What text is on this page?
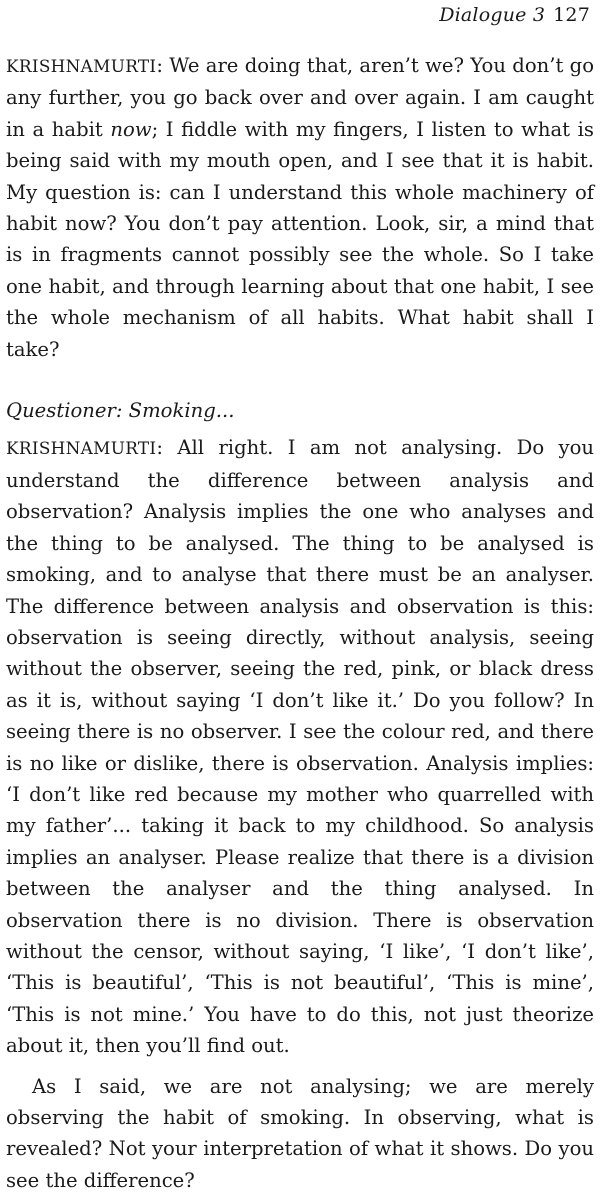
Dialogue 3 127

KRISHNAMURTI: We are doing that, aren’t we? You don’t go any further, you go back over and over again. I am caught in a habit now; I fiddle with my fingers, I listen to what is being said with my mouth open, and I see that it is habit. My question is: can I understand this whole machinery of habit now? You don’t pay attention. Look, sir, a mind that is in fragments cannot possibly see the whole. So I take one habit, and through learning about that one habit, I see the whole mechanism of all habits. What habit shall I take?

Questioner: Smoking...

KRISHNAMURTI: All right. I am not analysing. Do you understand the difference between analysis and observation? Analysis implies the one who analyses and the thing to be analysed. The thing to be analysed is smoking, and to analyse that there must be an analyser. The difference between analysis and observation is this: observation is seeing directly, without analysis, seeing without the observer, seeing the red, pink, or black dress as it is, without saying ‘I don’t like it.’ Do you follow? In seeing there is no observer. I see the colour red, and there is no like or dislike, there is observation. Analysis implies: ‘I don’t like red because my mother who quarrelled with my father’... taking it back to my childhood. So analysis implies an analyser. Please realize that there is a division between the analyser and the thing analysed. In observation there is no division. There is observation without the censor, without saying, ‘I like’, ‘I don’t like’, ‘This is beautiful’, ‘This is not beautiful’, ‘This is mine’, ‘This is not mine.’ You have to do this, not just theorize about it, then you’ll find out.

As I said, we are not analysing; we are merely observing the habit of smoking. In observing, what is revealed? Not your interpretation of what it shows. Do you see the difference?
